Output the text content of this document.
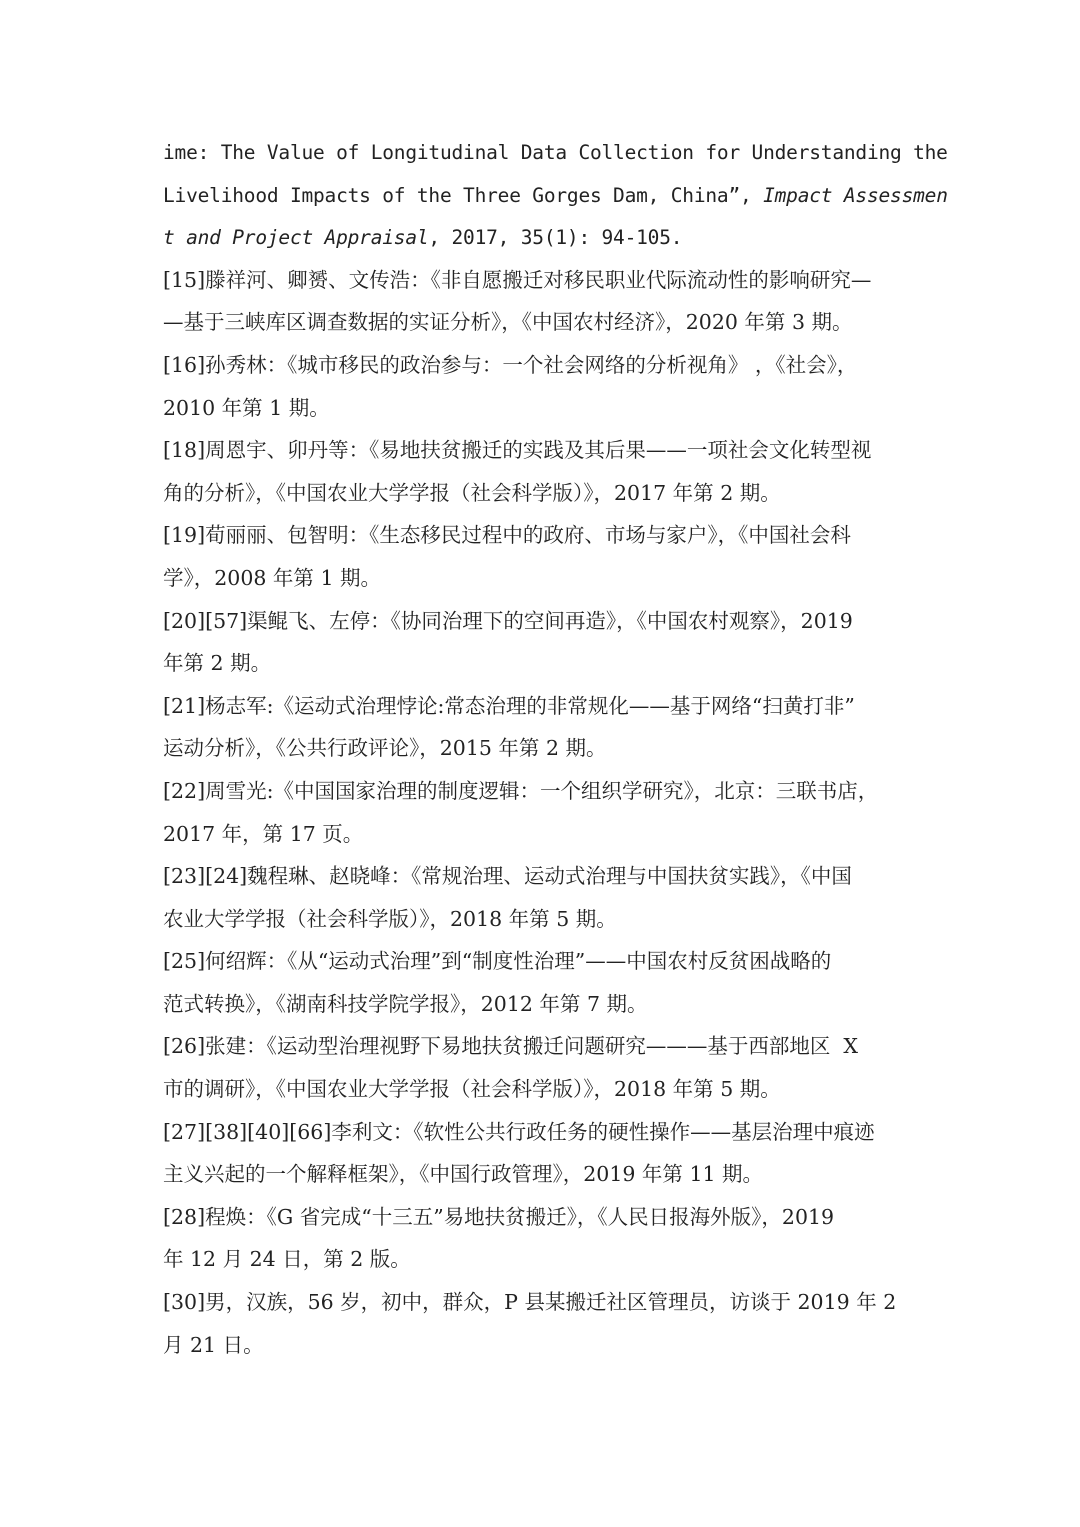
ime: The Value of Longitudinal Data Collection for Understanding the
Livelihood Impacts of the Three Gorges Dam, China”, Impact Assessmen
t and Project Appraisal, 2017, 35(1): 94-105.
[15]滕祥河、卿赟、文传浩：《非自愿搬迁对移民职业代际流动性的影响研究—
—基于三峡库区调查数据的实证分析》，《中国农村经济》，2020 年第 3 期。
[16]孙秀林：《城市移民的政治参与：一个社会网络的分析视角》 ，《社会》，
2010 年第 1 期。
[18]周恩宇、卯丹等：《易地扶贫搬迁的实践及其后果——一项社会文化转型视
角的分析》，《中国农业大学学报（社会科学版）》，2017 年第 2 期。
[19]荀丽丽、包智明：《生态移民过程中的政府、市场与家户》，《中国社会科
学》，2008 年第 1 期。
[20][57]渠鲲飞、左停：《协同治理下的空间再造》，《中国农村观察》，2019
年第 2 期。
[21]杨志军:《运动式治理悖论:常态治理的非常规化——基于网络“扫黄打非”
运动分析》，《公共行政评论》，2015 年第 2 期。
[22]周雪光:《中国国家治理的制度逻辑：一个组织学研究》，北京：三联书店，
2017 年，第 17 页。
[23][24]魏程琳、赵晓峰：《常规治理、运动式治理与中国扶贫实践》，《中国
农业大学学报（社会科学版）》，2018 年第 5 期。
[25]何绍辉：《从“运动式治理”到“制度性治理”——中国农村反贫困战略的
范式转换》，《湖南科技学院学报》，2012 年第 7 期。
[26]张建：《运动型治理视野下易地扶贫搬迁问题研究———基于西部地区  X
市的调研》，《中国农业大学学报（社会科学版）》，2018 年第 5 期。
[27][38][40][66]李利文：《软性公共行政任务的硬性操作——基层治理中痕迹
主义兴起的一个解释框架》，《中国行政管理》，2019 年第 11 期。
[28]程焕：《G 省完成“十三五”易地扶贫搬迁》，《人民日报海外版》，2019
年 12 月 24 日，第 2 版。
[30]男，汉族，56 岁，初中，群众，P 县某搬迁社区管理员，访谈于 2019 年 2
月 21 日。
